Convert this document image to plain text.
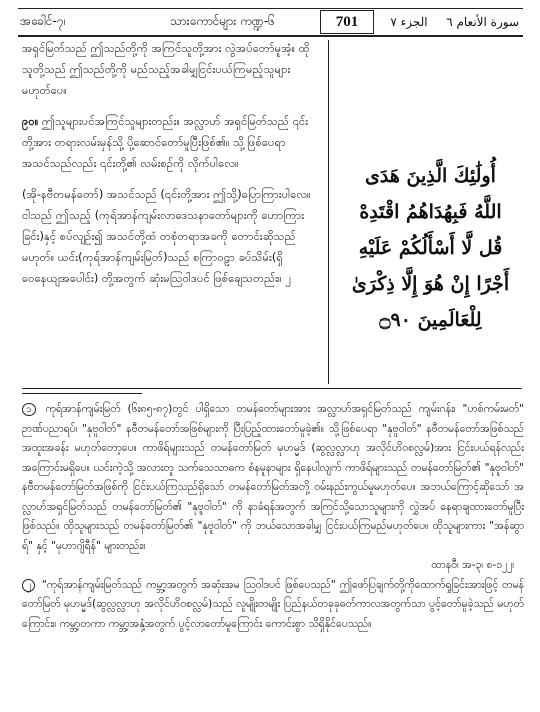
အခေါင်-၇၊	သားကောင်များ ကဏ္ဍ-၆	701	الجزء ٧	سورة الأنعام ٦

အရှင်မြတ်သည် ဤသည်တို့ကို အကြင်သူတို့အား လွဲအပ်တော်မူအံ့။ ထိုသူတို့သည် ဤသည်တို့ကို မည်သည့်အခါမျှငြင်းပယ်ကြမည့်သူများမဟုတ်ပေ။

၉၀။ ဤသူများပင်အကြင်သူများတည်း။ အလ္လာဟ် အရှင်မြတ်သည် ၎င်းတို့အား တရားလမ်းမှန်သို့ ပို့ဆောင်တော်မူပြီးဖြစ်၏။ သို့ဖြစ်ပေရာ အသင်သည်လည်း ၎င်းတို့၏ လမ်းစဉ်ကို လိုက်ပါလေ။

(အို-နဗီတမန်တော်) အသင်သည် (၎င်းတို့အား ဤသို့)ပြောကြားပါလေ။ ငါသည် ဤသည့် (ကုရ်အာန်ကျမ်းလာဒေသနာတော်များကို ဟောကြားခြင်း)နှင့် စပ်လျဉ်း၍ အသင်တို့ထံ တစုံတရာအခကို တောင်းဆိုသည်မဟုတ်။ ယင်း(ကုရ်အာန်ကျမ်းမြတ်)သည် စကြာဝဠာ ခပ်သိမ်း(ရှိ ဝေနေယျအပေါင်း) တို့အတွက် ဆုံးမသြဝါဒပင် ဖြစ်ချေသတည်း။ ၂

أُولَٰئِكَ الَّذِينَ هَدَى
اللَّهُ فَبِهُدَاهُمُ اقْتَدِهْ
قُل لَّا أَسْأَلُكُمْ عَلَيْهِ
أَجْرًا إِنْ هُوَ إِلَّا ذِكْرَىٰ
لِلْعَالَمِينَ ۝٩٠

၁ ကုရ်အာန်ကျမ်းမြတ် (၆း၈၅-၈၇)တွင် ပါရှိသော တမန်တော်များအား အလ္လာဟ်အရှင်မြတ်သည် ကျမ်းဂန်း၊ "ဟစ်ကမ်းမတ်" ဉာဏ်ပညာရပ်၊ "နုဗူဝါတ်" နဗီတမန်တော်အဖြစ်များကို ပြီးပြည့်ထားတော်မူခဲ့၏။ သို့ဖြစ်ပေရာ "နုဗူဝါတ်" နဗီတမန်တော်အဖြစ်သည် အထူးအခန်း မဟုတ်တော့ပေ။ ကာဖိရ်များသည် တမန်တော်မြတ် မုဟမ္မဒ် (ဆွလ္လလ္လာဟု အလိုင်ဟိဝစလ္လမ်)အား ငြင်းပယ်ရန်လည်း အကြောင်းမရှိပေ။ ယင်းကဲ့သို့ အလားတူ သက်သေသာဓက စံနမူနာများ ရှိနေပါလျက် ကာဖိရ်များသည် တမန်တော်မြတ်၏ "နုဗူဝါတ်" နဗီတမန်တော်မြတ်အဖြစ်ကို ငြင်းပယ်ကြသည်ရှိသော် တမန်တော်မြတ်အတို့ ဝမ်းနည်းကွယ်မှုမဟုတ်ပေ။ အဘယ်ကြောင့်ဆိုသော် အလ္လာဟ်အရှင်မြတ်သည် တမန်တော်မြတ်၏ "နုဗူဝါတ်" ကို နာခံရန်အတွက် အကြင်သို့သောသူများကို လွှဲအပ် နေရာချထားတော်မူပြီးဖြစ်သည်။ ထိုသူများသည် တမန်တော်မြတ်၏ "နုဗူဝါတ်" ကို ဘယ်သောအခါမျှ ငြင်းပယ်ကြမည်မဟုတ်ပေ။ ထိုသူများကား "အန်ဆွာရ်" နှင့် "မုဟာဂျိရီန်" များတည်း။

ထာနဝီ၊ အ-၃၊ စ-၁၂၂၊

၂ "ကုရ်အာန်ကျမ်းမြတ်သည် ကမ္ဘာ့အတွက် အဆုံးအမ သြဝါဒပင် ဖြစ်ပေသည်" ဤဖော်ပြချက်တို့ကိုထောက်ရှုခြင်းအားဖြင့် တမန်တော်မြတ် မုဟမ္မဒ်(ဆွလ္လလ္လာဟု အလိုင်ဟိဝစလ္လမ်)သည် လူမျိုးတမျိုး ပြည်နယ်တခုခုဓတ်ကာလအတွက်သာ ပွင့်တော်မူခဲ့သည် မဟုတ်ကြောင်း။ ကမ္ဘာ့တကာ ကမ္ဘာ့အနှံ့အတွက် ပွင့်လာတော်မူကြောင်း ကောင်းစွာ သိရှိနိုင်ပေသည်။
